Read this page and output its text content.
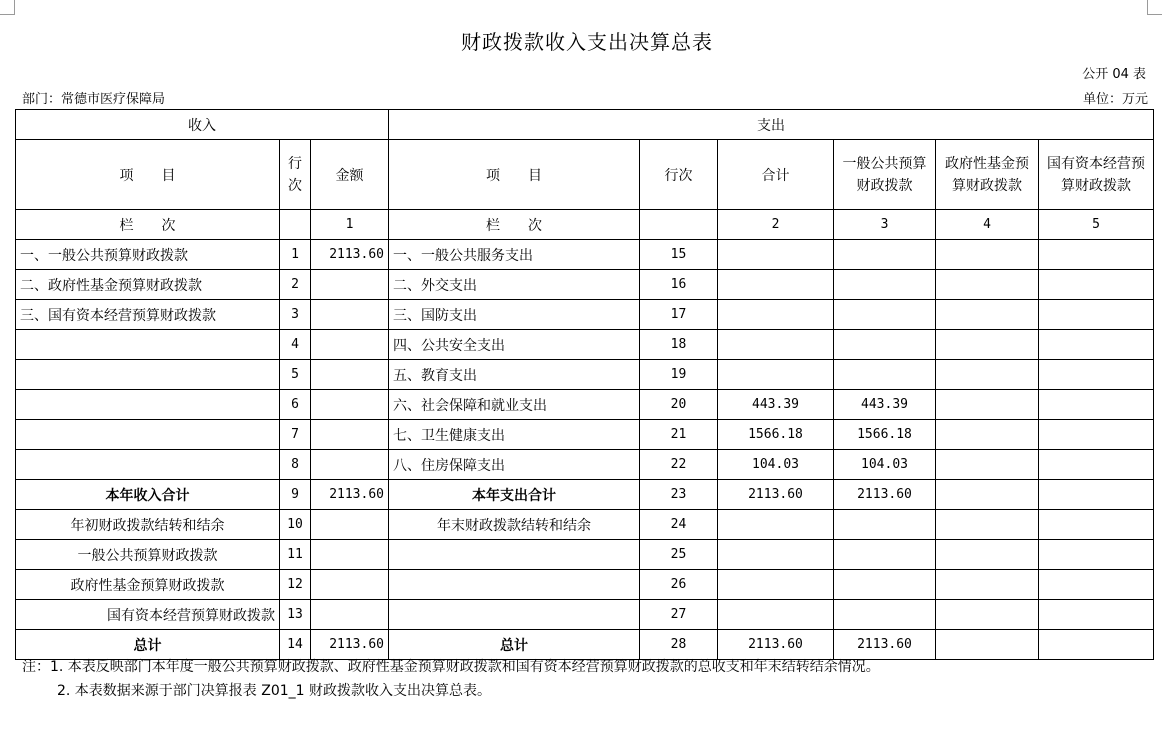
财政拨款收入支出决算总表
公开 04 表
部门：常德市医疗保障局	单位：万元
收入			支出					
项　　目	行次	金额	项　　目	行次	合计	一般公共预算财政拨款	政府性基金预算财政拨款	国有资本经营预算财政拨款
栏　　次		1	栏　　次		2	3	4	5
一、一般公共预算财政拨款	1	2113.60	一、一般公共服务支出	15				
二、政府性基金预算财政拨款	2		二、外交支出	16				
三、国有资本经营预算财政拨款	3		三、国防支出	17				
	4		四、公共安全支出	18				
	5		五、教育支出	19				
	6		六、社会保障和就业支出	20	443.39	443.39		
	7		七、卫生健康支出	21	1566.18	1566.18		
	8		八、住房保障支出	22	104.03	104.03		
本年收入合计	9	2113.60	本年支出合计	23	2113.60	2113.60		
年初财政拨款结转和结余	10		年末财政拨款结转和结余	24				
一般公共预算财政拨款	11			25				
政府性基金预算财政拨款	12			26				
国有资本经营预算财政拨款	13			27				
总计	14	2113.60	总计	28	2113.60	2113.60		
注：1. 本表反映部门本年度一般公共预算财政拨款、政府性基金预算财政拨款和国有资本经营预算财政拨款的总收支和年末结转结余情况。
2. 本表数据来源于部门决算报表 Z01_1 财政拨款收入支出决算总表。
